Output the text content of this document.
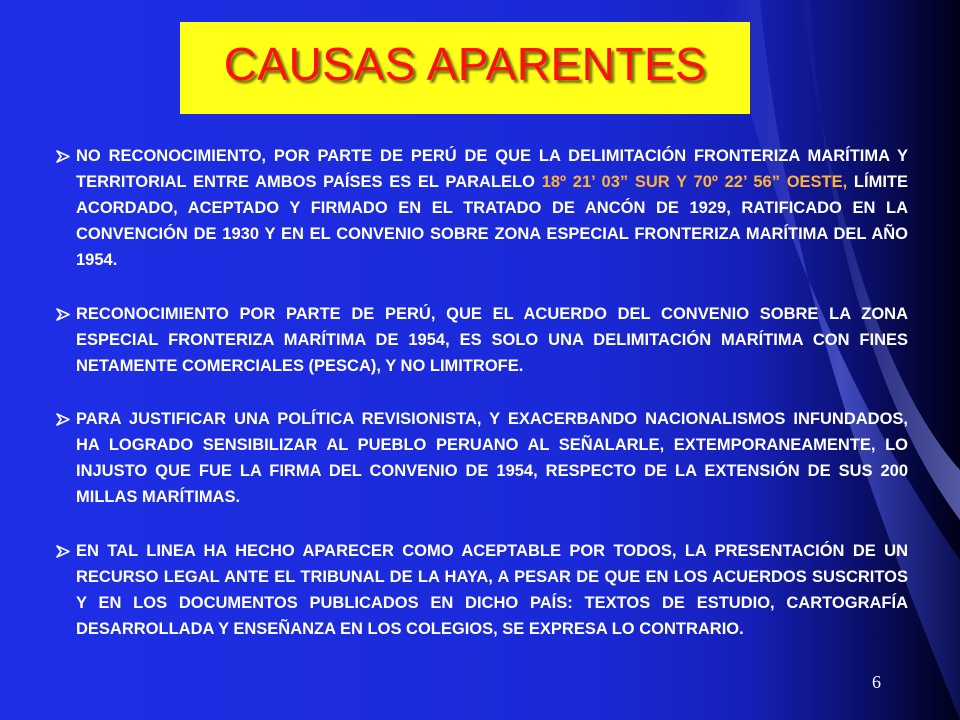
CAUSAS APARENTES
NO RECONOCIMIENTO, POR PARTE DE PERÚ DE QUE LA DELIMITACIÓN FRONTERIZA MARÍTIMA Y TERRITORIAL ENTRE AMBOS PAÍSES ES EL PARALELO 18º 21’ 03” SUR Y 70º 22’ 56” OESTE, LÍMITE ACORDADO, ACEPTADO Y FIRMADO EN EL TRATADO DE ANCÓN DE 1929, RATIFICADO EN LA CONVENCIÓN DE 1930 Y EN EL CONVENIO SOBRE ZONA ESPECIAL FRONTERIZA MARÍTIMA DEL AÑO 1954.
RECONOCIMIENTO POR PARTE DE PERÚ, QUE EL ACUERDO DEL CONVENIO SOBRE LA ZONA ESPECIAL FRONTERIZA MARÍTIMA DE 1954, ES SOLO UNA DELIMITACIÓN MARÍTIMA CON FINES NETAMENTE COMERCIALES (PESCA), Y NO LIMITROFE.
PARA JUSTIFICAR UNA POLÍTICA REVISIONISTA, Y EXACERBANDO NACIONALISMOS INFUNDADOS, HA LOGRADO SENSIBILIZAR AL PUEBLO PERUANO AL SEÑALARLE, EXTEMPORANEAMENTE, LO INJUSTO QUE FUE LA FIRMA DEL CONVENIO DE 1954, RESPECTO DE LA EXTENSIÓN DE SUS 200 MILLAS MARÍTIMAS.
EN TAL LINEA HA HECHO APARECER COMO ACEPTABLE POR TODOS, LA PRESENTACIÓN DE UN RECURSO LEGAL ANTE EL TRIBUNAL DE LA HAYA, A PESAR DE QUE EN LOS ACUERDOS SUSCRITOS Y EN LOS DOCUMENTOS PUBLICADOS EN DICHO PAÍS: TEXTOS DE ESTUDIO, CARTOGRAFÍA DESARROLLADA Y ENSEÑANZA EN LOS COLEGIOS, SE EXPRESA LO CONTRARIO.
6
